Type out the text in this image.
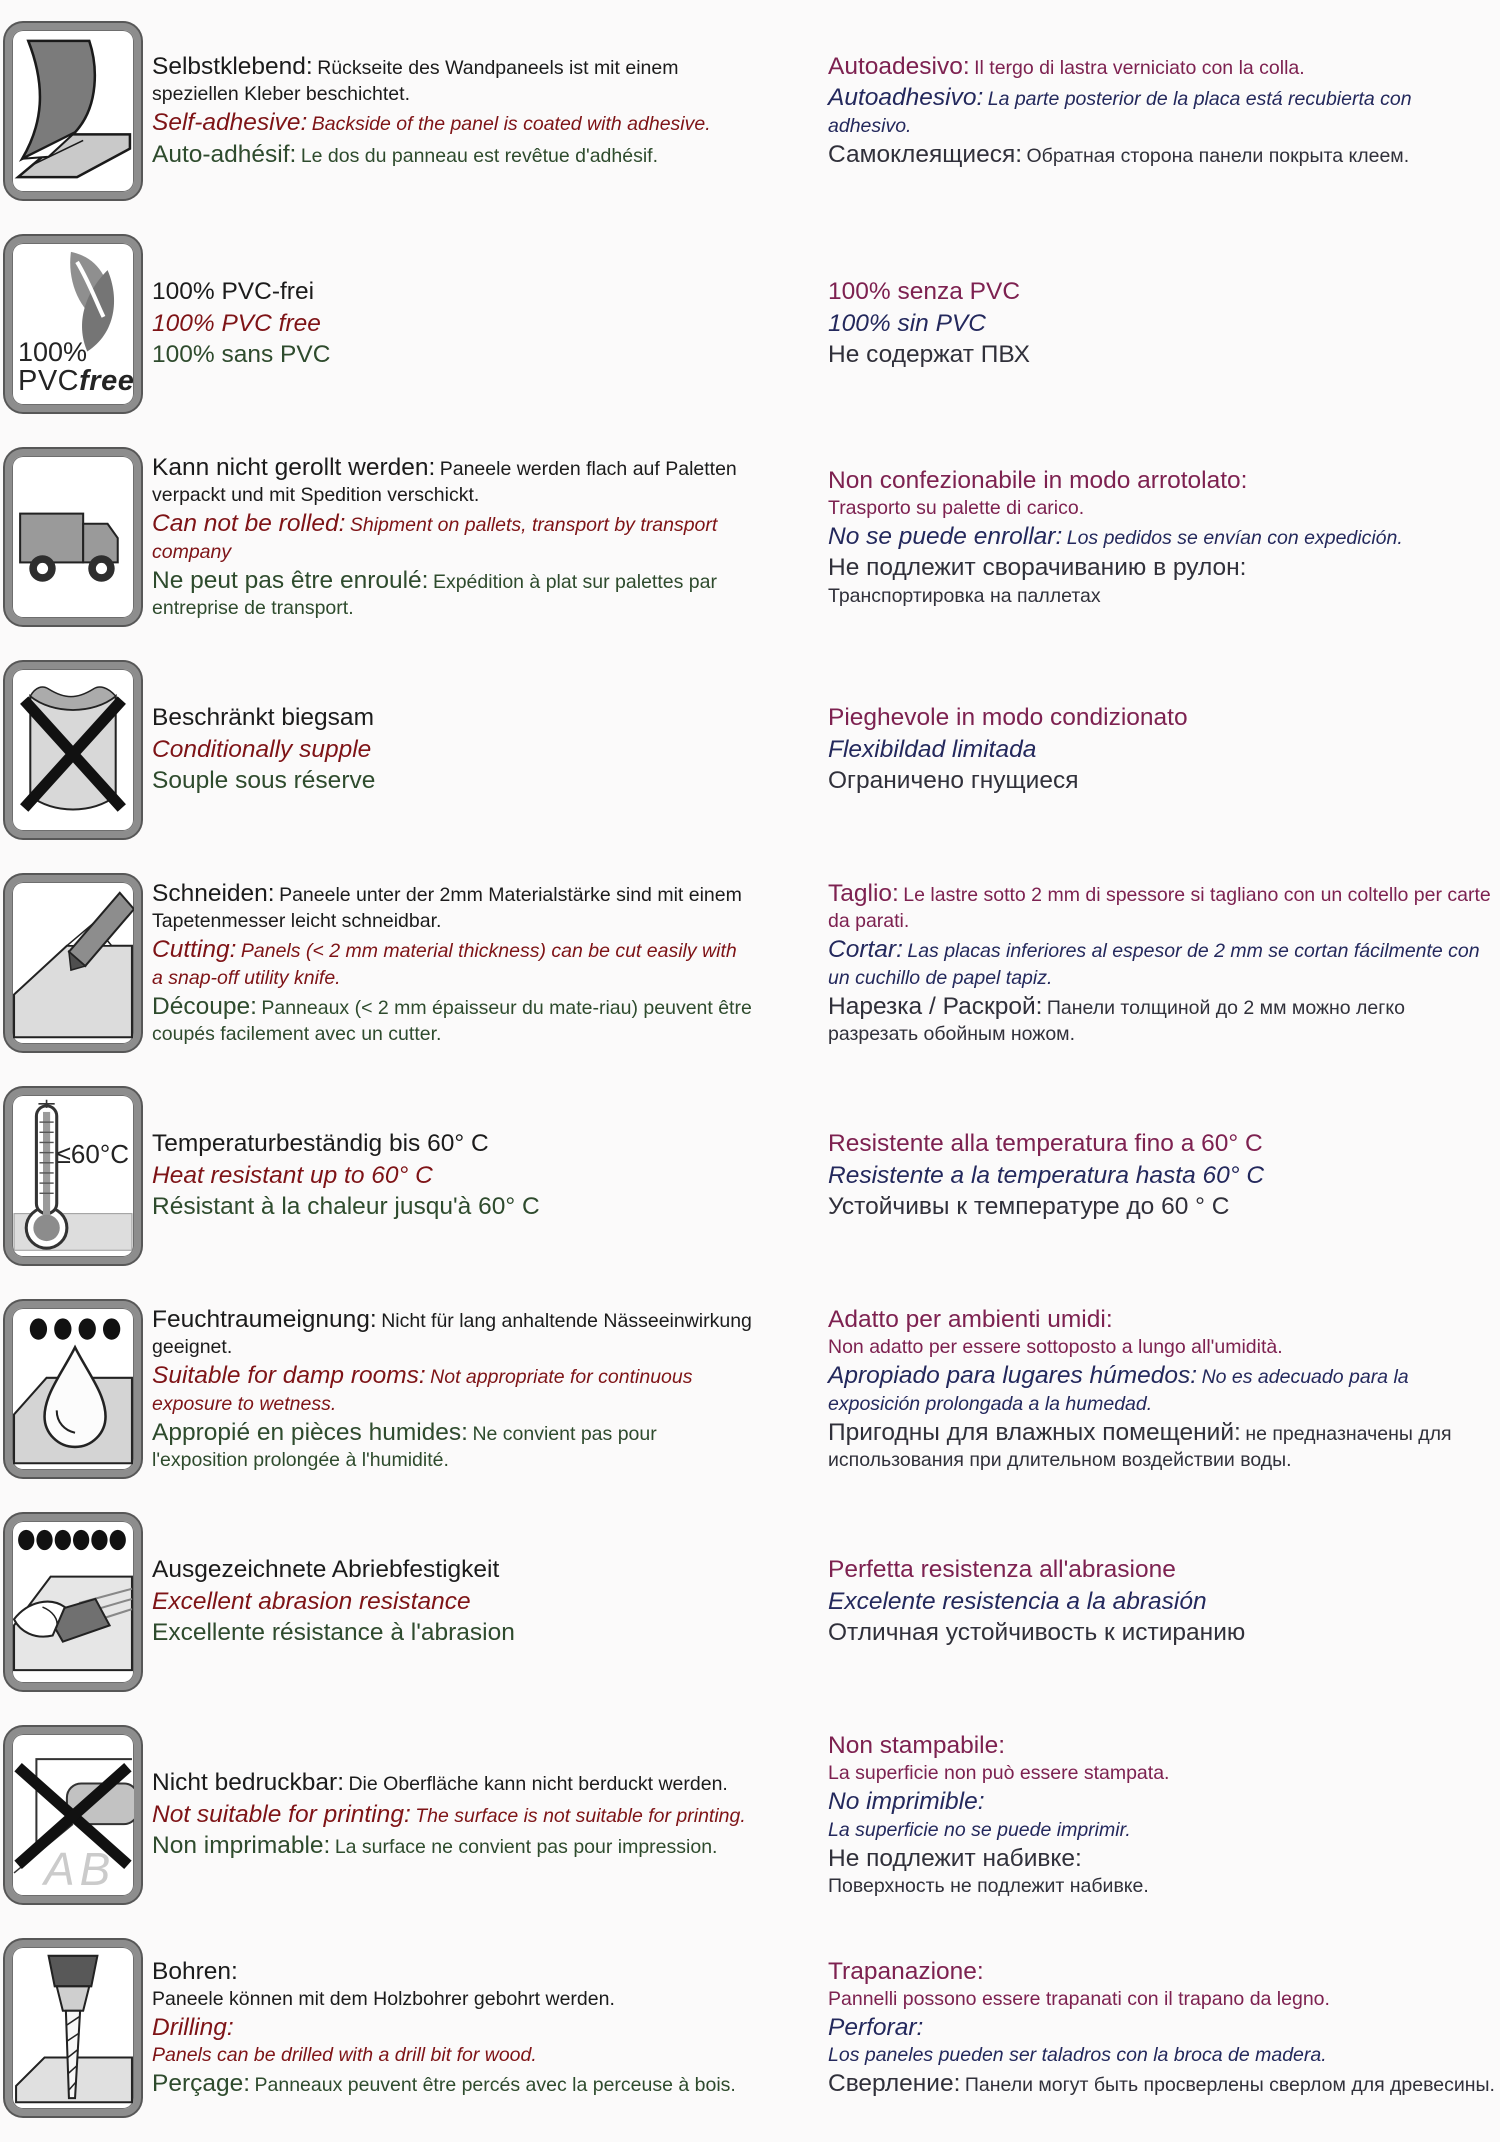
Selbstklebend: Rückseite des Wandpaneels ist mit einem speziellen Kleber beschichtet.

Self-adhesive: Backside of the panel is coated with adhesive.

Auto-adhésif: Le dos du panneau est revêtue d'adhésif.

Autoadesivo: Il tergo di lastra verniciato con la colla.

Autoadhesivo: La parte posterior de la placa está recubierta con adhesivo.

Самоклеящиеся: Обратная сторона панели покрыта клеем.

100%
PVCfree

100% PVC-frei

100% PVC free

100% sans PVC

100% senza PVC

100% sin PVC

Не содержат ПВХ

Kann nicht gerollt werden: Paneele werden flach auf Paletten verpackt und mit Spedition verschickt.

Can not be rolled: Shipment on pallets, transport by transport company

Ne peut pas être enroulé: Expédition à plat sur palettes par entreprise de transport.

Non confezionabile in modo arrotolato:
Trasporto su palette di carico.

No se puede enrollar: Los pedidos se envían con expedición.

Не подлежит сворачиванию в рулон:
Транспортировка на паллетах

Beschränkt biegsam

Conditionally supple

Souple sous réserve

Pieghevole in modo condizionato

Flexibildad limitada

Ограничено гнущиеся

Schneiden: Paneele unter der 2mm Materialstärke sind mit einem Tapetenmesser leicht schneidbar.

Cutting: Panels (< 2 mm material thickness) can be cut easily with a snap-off utility knife.

Découpe: Panneaux (< 2 mm épaisseur du mate-riau) peuvent être coupés facilement avec un cutter.

Taglio: Le lastre sotto 2 mm di spessore si tagliano con un coltello per carte da parati.

Cortar: Las placas inferiores al espesor de 2 mm se cortan fácilmente con un cuchillo de papel tapiz.

Нарезка / Раскрой: Панели толщиной до 2 мм можно легко разрезать обойным ножом.

≤60°C Temperaturbeständig bis 60° C

Heat resistant up to 60° C

Résistant à la chaleur jusqu'à 60° C

Resistente alla temperatura fino a 60° C

Resistente a la temperatura hasta 60° C

Устойчивы к температуре до 60 ° C

Feuchtraumeignung: Nicht für lang anhaltende Nässeeinwirkung geeignet.

Suitable for damp rooms: Not appropriate for continuous exposure to wetness.

Appropié en pièces humides: Ne convient pas pour l'exposition prolongée à l'humidité.

Adatto per ambienti umidi:
Non adatto per essere sottoposto a lungo all'umidità.

Apropiado para lugares húmedos: No es adecuado para la exposición prolongada a la humedad.

Пригодны для влажных помещений: не предназначены для использования при длительном воздействии воды.

Ausgezeichnete Abriebfestigkeit

Excellent abrasion resistance

Excellente résistance à l'abrasion

Perfetta resistenza all'abrasione

Excelente resistencia a la abrasión

Отличная устойчивость к истиранию

AB

Nicht bedruckbar: Die Oberfläche kann nicht berduckt werden.

Not suitable for printing: The surface is not suitable for printing.

Non imprimable: La surface ne convient pas pour impression.

Non stampabile:
La superficie non può essere stampata.

No imprimible:
La superficie no se puede imprimir.

Не подлежит набивке:
Поверхность не подлежит набивке.

Bohren:
Paneele können mit dem Holzbohrer gebohrt werden.

Drilling:
Panels can be drilled with a drill bit for wood.

Perçage: Panneaux peuvent être percés avec la perceuse à bois.

Trapanazione:
Pannelli possono essere trapanati con il trapano da legno.

Perforar:
Los paneles pueden ser taladros con la broca de madera.

Сверление: Панели могут быть просверлены сверлом для древесины.
